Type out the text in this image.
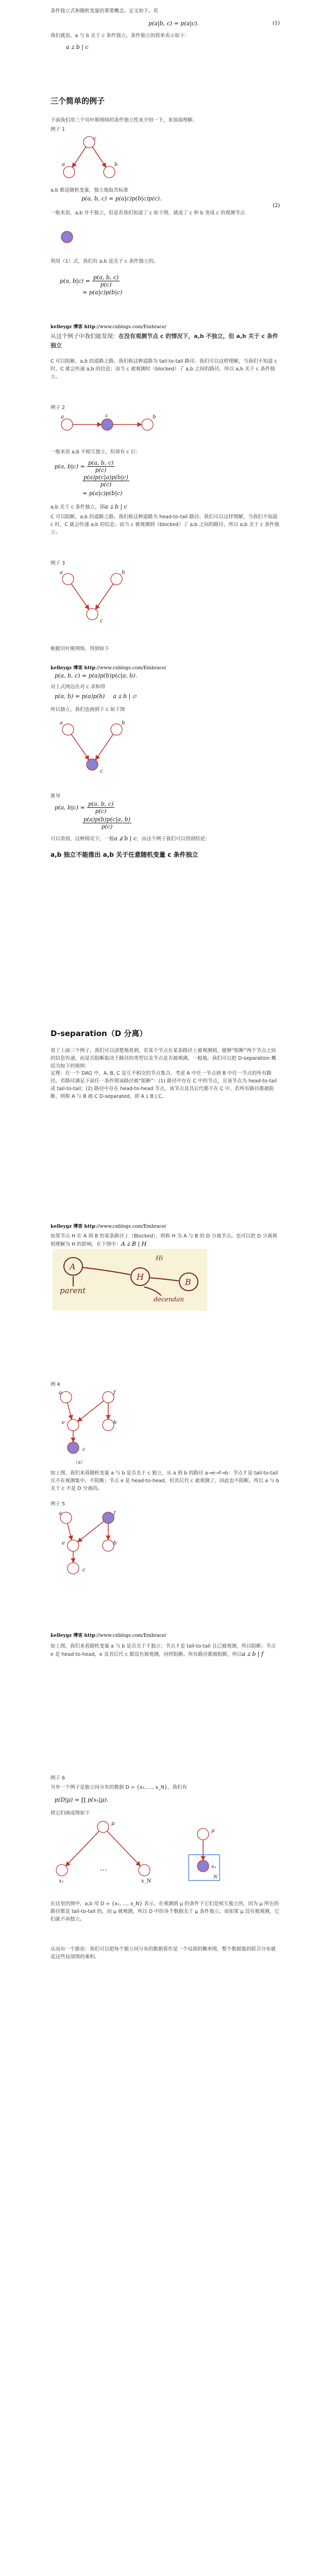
条件独立式和随机变量的重要概念。定义如下。若
p(a|b, c) = p(a|c).	(1)
我们就说，a 与 b 关于 c 条件独立。条件独立的简单表示如下：
a ⫫ b | c
三个简单的例子
下面我们用三个贝叶斯网络的条件独立性来介绍一下，来加深理解。
例子 1
c
a	b
a,b 都是随机变量，独立地取其标准
p(a, b, c) = p(a|c)p(b|c)p(c).
(2)
一般来说，a,b 并不独立，但是若我们知道了 c 如下图，就成了 c 和 b 变成 c 的观测节点
利用（1）式，我们有 a,b 是关于 c 条件独立的。
p(a, $b|c) = \frac{p(a, b, c)}{p(c)}$
= p(a|c)p(b|c)
kelleygz 博客 http://www.cnblogs.com/Embrace/
从这个例子中我们能发现：在没有观测节点 c 的情况下，a,b 不独立，但 a,b 关于 c 条件独立
C 可以阻断，a,b 的道路之路。我们称这种道路为 tail-to-tail 路径。我们可以这样理解，当我们不知道 c 时，C 就会传递 a,b 的信息；而当 c 被观测时（blocked）了 a,b 之间的路径，所以 a,b 关于 c 条件独立。
例子 2
a	c	b
一般来说 a,b 不相互独立，但却有 c 后：
p(a, $b|c) = \frac{p(a, b, c)}{p(c)}$
$\frac{p(a)p(c|a)p(b|c)}{p(c)}$
= p(a|c)p(b|c)
a,b 关于 c 条件独立，即a ⫫ b | c
C 可以阻断，a,b 的道路之路。我们称这种道路为 head-to-tail 路径。我们可以这样理解，当我们不知道 c 时，C 就会传递 a,b 的信息；而当 c 被观测到（blocked）了 a,b 之间的路径，所以 a,b 关于 c 条件独立。
例子 3
a	b
c
根据贝叶斯网络，得到如下
kelleygz 博客 http://www.cnblogs.com/Embrace/
p(a, b, c) = p(a)p(b)p(c|a, b).
对上式两边在对 c 求和得
p(a, b) = p(a)p(b) a ⫫ b | ∅
所以独立，我们也画到下 c 如下图
a	b
c
推导
p(a, $b|c) = \frac{p(a, b, c)}{p(c)}$
$\frac{p(a)p(b)p(c|a, b)}{p(c)}$
可以看到，这种情况下，一般a ⫫̸ b | c，由这个例子我们可以得到结论：
a,b 独立不能推出 a,b 关于任意随机变量 c 条件独立
D-separation（D 分离）
看了上面三个例子，我们可以清楚地看到，若某个节点在某条路径上被观测到，能够“阻断”两个节点之间的信息传递，而是否阻断取决于路径的类型以及节点是否被观测。一般地，我们可以把 D-separation 概括为如下的规则：
定理：在一个 DAG 中，A, B, C 是互不相交的节点集合，考虑 A 中任一节点到 B 中任一节点的所有路径，若路径满足下面任一条件则该路径被“阻断”：(1) 路径中存在 C 中的节点，且该节点为 head-to-tail 或 tail-to-tail；(2) 路径中存在 head-to-head 节点，该节点及其后代都不在 C 中。若所有路径都被阻断，则称 A 与 B 被 C D-separated，即 A ⫫ B | C。
kelleygz 博客 http://www.cnblogs.com/Embrace/
如果节点 H 在 A 到 B 的某条路径上（Blocked），则称 H 为 A 与 B 的 D 分离节点。也可以把 D 分离规则理解为 H 的影响，在下图中：A ⫫ B | H
A
H
B
parent
Hi
decendan
例 4
a	f
e	b
c
（a）
如上图，我们来看随机变量 a 与 b 是否关于 c 独立，从 a 到 b 的路径 a→e→f→b：节点 f 是 tail-to-tail 且不在观测集中，不阻断；节点 e 是 head-to-head，但其后代 c 被观测了，因此也不阻断。所以 a 与 b 关于 c 不是 D 分离的。
例子 5
a	f
e	b
c
kelleygz 博客 http://www.cnblogs.com/Embrace/
如上图，我们来看随机变量 a 与 b 是否关于 f 独立：节点 f 是 tail-to-tail 且已被观测，所以阻断；节点 e 是 head-to-head，e 及其后代 c 都没有被观测，同样阻断。所有路径都被阻断，所以a ⫫ b | f
例子 6
另外一个例子是独立同分布的数据 D = {x₁, ..., x_N}，我们有
p(D|μ) = ∏ p(xₙ|μ).
将它们画成图如下
μ
x₁	x_N
μ
xₙ
⋯
N
在这里的图中，a,b 用 D = {x₁, ..., x_N} 表示，在观测到 μ 的条件下它们是相互独立的，因为 μ 所在的路径都是 tail-to-tail 的，而 μ 被观测，所以 D 中的各个数据关于 μ 条件独立。而如果 μ 没有被观测，它们就不再独立。
从而有一个推论：我们可以把每个独立同分布的数据看作是一个局部的概率图，整个数据集的联合分布就是这些局部图的乘积。
